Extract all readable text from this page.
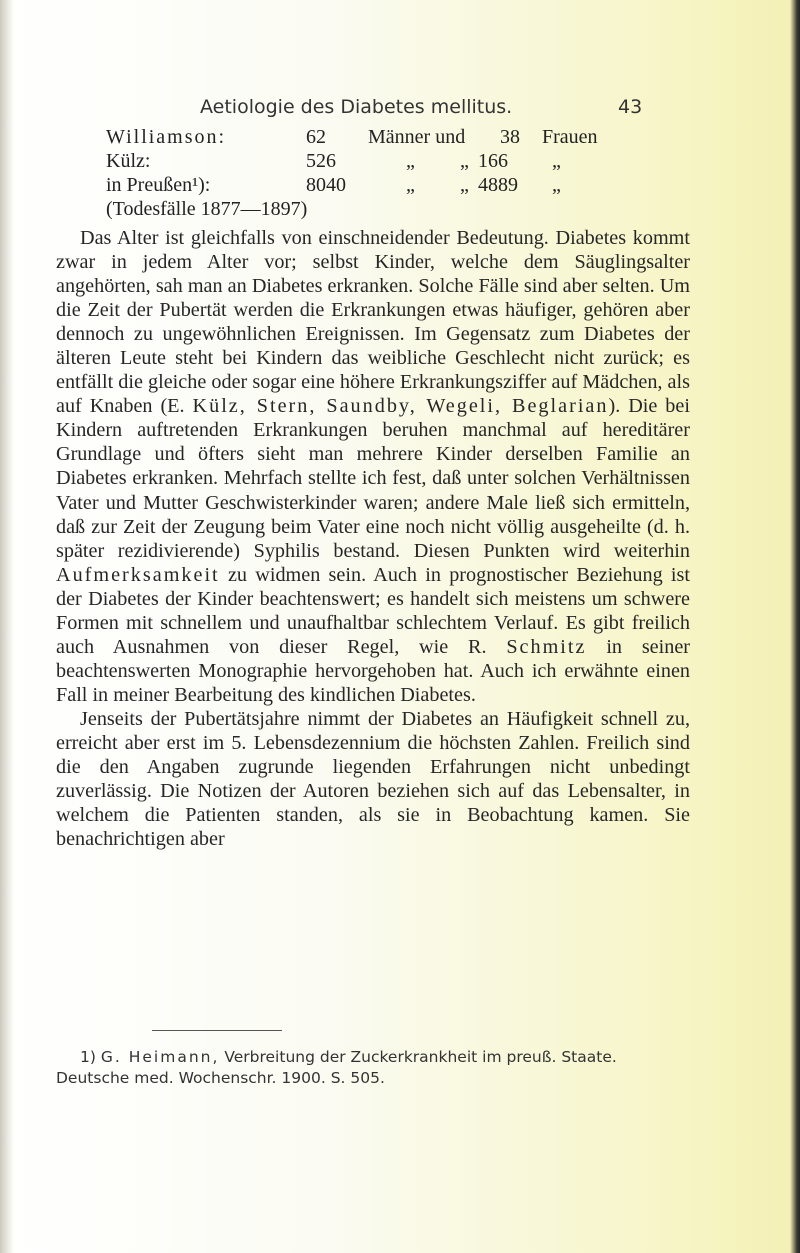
Aetiologie des Diabetes mellitus.	43
Williamson:	62 Männer und 38 Frauen
Külz:	526	„ „ 166 „
in Preußen¹):	8040	„ „ 4889 „
(Todesfälle 1877—1897)

Das Alter ist gleichfalls von einschneidender Bedeutung. Diabetes kommt zwar in jedem Alter vor; selbst Kinder, welche dem Säuglingsalter angehörten, sah man an Diabetes erkranken. Solche Fälle sind aber selten. Um die Zeit der Pubertät werden die Erkrankungen etwas häufiger, gehören aber dennoch zu ungewöhnlichen Ereignissen. Im Gegensatz zum Diabetes der älteren Leute steht bei Kindern das weibliche Geschlecht nicht zurück; es entfällt die gleiche oder sogar eine höhere Erkrankungsziffer auf Mädchen, als auf Knaben (E. Külz, Stern, Saundby, Wegeli, Beglarian). Die bei Kindern auftretenden Erkrankungen beruhen manchmal auf hereditärer Grundlage und öfters sieht man mehrere Kinder derselben Familie an Diabetes erkranken. Mehrfach stellte ich fest, daß unter solchen Verhältnissen Vater und Mutter Geschwisterkinder waren; andere Male ließ sich ermitteln, daß zur Zeit der Zeugung beim Vater eine noch nicht völlig ausgeheilte (d. h. später rezidivierende) Syphilis bestand. Diesen Punkten wird weiterhin Aufmerksamkeit zu widmen sein. Auch in prognostischer Beziehung ist der Diabetes der Kinder beachtenswert; es handelt sich meistens um schwere Formen mit schnellem und unaufhaltbar schlechtem Verlauf. Es gibt freilich auch Ausnahmen von dieser Regel, wie R. Schmitz in seiner beachtenswerten Monographie hervorgehoben hat. Auch ich erwähnte einen Fall in meiner Bearbeitung des kindlichen Diabetes.

Jenseits der Pubertätsjahre nimmt der Diabetes an Häufigkeit schnell zu, erreicht aber erst im 5. Lebensdezennium die höchsten Zahlen. Freilich sind die den Angaben zugrunde liegenden Erfahrungen nicht unbedingt zuverlässig. Die Notizen der Autoren beziehen sich auf das Lebensalter, in welchem die Patienten standen, als sie in Beobachtung kamen. Sie benachrichtigen aber

1) G. Heimann, Verbreitung der Zuckerkrankheit im preuß. Staate.
Deutsche med. Wochenschr. 1900. S. 505.
